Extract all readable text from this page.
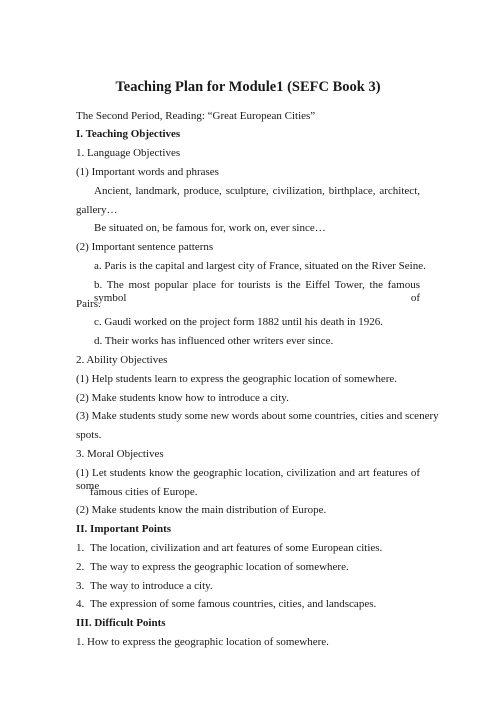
Teaching Plan for Module1 (SEFC Book 3)
The Second Period, Reading: “Great European Cities”
I. Teaching Objectives
1. Language Objectives
(1) Important words and phrases
Ancient, landmark, produce, sculpture, civilization, birthplace, architect,
gallery…
Be situated on, be famous for, work on, ever since…
(2) Important sentence patterns
a. Paris is the capital and largest city of France, situated on the River Seine.
b. The most popular place for tourists is the Eiffel Tower, the famous symbol of
Pairs.
c. Gaudi worked on the project form 1882 until his death in 1926.
d. Their works has influenced other writers ever since.
2. Ability Objectives
(1) Help students learn to express the geographic location of somewhere.
(2) Make students know how to introduce a city.
(3) Make students study some new words about some countries, cities and scenery
spots.
3. Moral Objectives
(1) Let students know the geographic location, civilization and art features of some
famous cities of Europe.
(2) Make students know the main distribution of Europe.
II. Important Points
1. The location, civilization and art features of some European cities.
2. The way to express the geographic location of somewhere.
3. The way to introduce a city.
4. The expression of some famous countries, cities, and landscapes.
III. Difficult Points
1. How to express the geographic location of somewhere.
